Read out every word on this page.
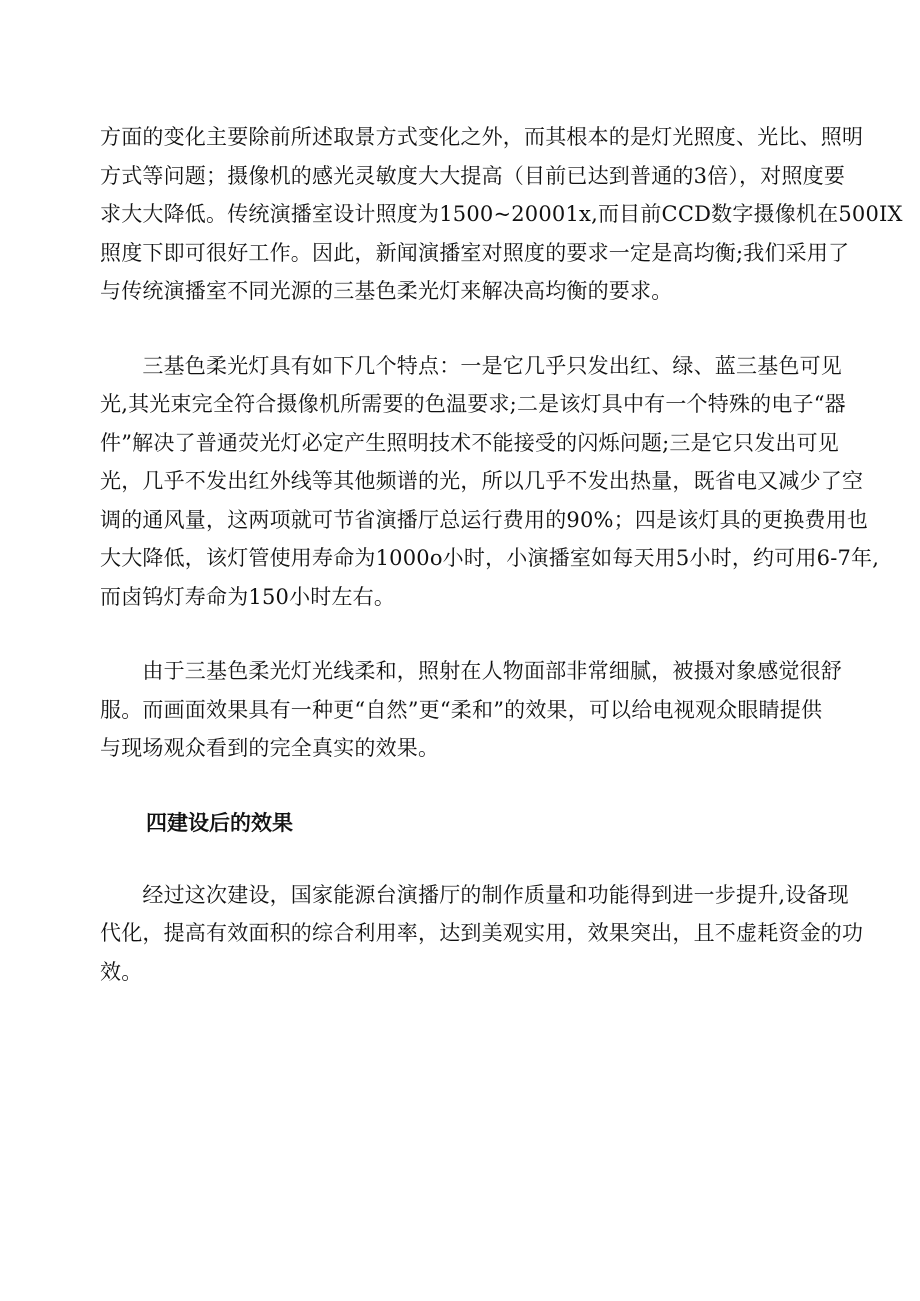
方面的变化主要除前所述取景方式变化之外，而其根本的是灯光照度、光比、照明
方式等问题；摄像机的感光灵敏度大大提高（目前已达到普通的3倍），对照度要
求大大降低。传统演播室设计照度为1500~20001x,而目前CCD数字摄像机在500IX
照度下即可很好工作。因此，新闻演播室对照度的要求一定是高均衡;我们采用了
与传统演播室不同光源的三基色柔光灯来解决高均衡的要求。

　　三基色柔光灯具有如下几个特点：一是它几乎只发出红、绿、蓝三基色可见
光,其光束完全符合摄像机所需要的色温要求;二是该灯具中有一个特殊的电子“器
件”解决了普通荧光灯必定产生照明技术不能接受的闪烁问题;三是它只发出可见
光，几乎不发出红外线等其他频谱的光，所以几乎不发出热量，既省电又减少了空
调的通风量，这两项就可节省演播厅总运行费用的90%；四是该灯具的更换费用也
大大降低，该灯管使用寿命为1000o小时，小演播室如每天用5小时，约可用6-7年,
而卤钨灯寿命为150小时左右。

　　由于三基色柔光灯光线柔和，照射在人物面部非常细腻，被摄对象感觉很舒
服。而画面效果具有一种更“自然”更“柔和”的效果，可以给电视观众眼睛提供
与现场观众看到的完全真实的效果。

四建设后的效果

　　经过这次建设，国家能源台演播厅的制作质量和功能得到进一步提升,设备现
代化，提高有效面积的综合利用率，达到美观实用，效果突出，且不虚耗资金的功
效。
